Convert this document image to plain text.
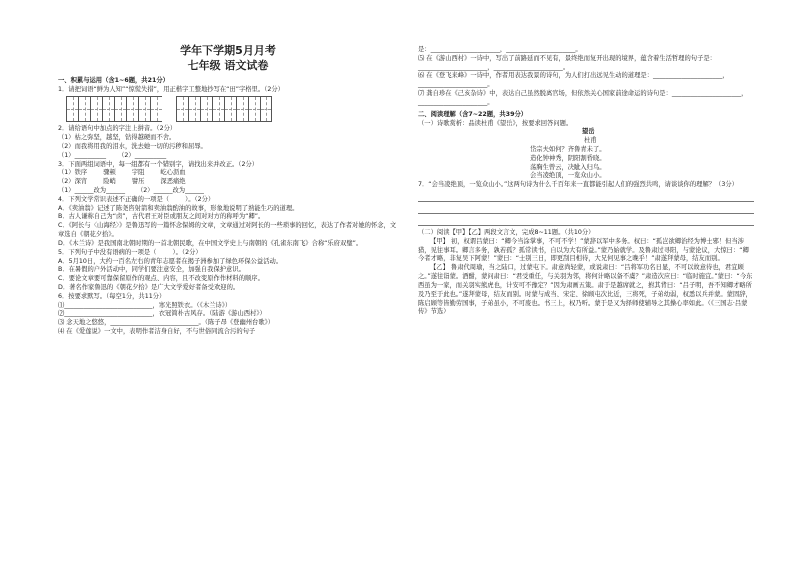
学年下学期5月月考
七年级 语文试卷
一、积累与运用（含1~6题，共21分）

1．请把词语“鲜为人知”“惊慌失措”，用正楷字工整地抄写在“田”字格里。（2分）

2．请给语句中加点的字注上拼音。（2分）

（1）枯之弥坚，越坚，钻得越硬而不舍。

（2）而我将用我的泪水，洗去她一切的污秽和屈辱。

（1）__________      （2）__________

3．下面两组词语中，每一组都有一个错别字，请找出来并改正。（2分）

（1）铁序        骤顿        宇阻        屹心沥血

（2）深宵        险峭        譬压        深恶痛绝

（1）______改为______      （2）______改为______

4．下列文学常识表述不正确的一项是（        ）。（2分）

A．《卖油翁》记述了陈尧咨射箭和卖油翁酌油的故事，形象地说明了熟能生巧的道理。

B．古人谦称自己为“卤”，古代君王对臣或朋友之间对对方的称呼为“卿”。

C．《阿长与〈山海经〉》是鲁迅写的一篇怀念保姆的文章，文章通过对阿长的一些琐事的回忆，表达了作者对她的怀念，文章选自《朝花夕拾》。

D．《木兰诗》是我国南北朝时期的一首北朝民歌，在中国文学史上与南朝的《孔雀东南飞》合称“乐府双璧”。

5．下列句子中没有语病的一项是（        ）。（2分）

A．5月10日，大约一百名左右的青年志愿者在揭子洲参加了绿色环保公益活动。

B．在暑假的户外活动中，同学们要注意安全，加强自我保护意识。

C．要论文章要可靠保留原作的观点、内容，且不改变原作作材料的顺序。

D．著名作家鲁迅的《朝花夕拾》是广大文学爱好者备受欢迎的。

6．按要求默写。（每空1分，共11分）

⑴____________________________，寒光照铁衣。（《木兰诗》）

⑵____________________________，衣冠简朴古风存。（陆游《游山西村》）

⑶ 念天地之悠悠，____________________________。（陈子昂《登幽州台歌》）

⑷ 在《爱莲说》一文中，表明作者洁身自好，不与世俗同流合污的句子

是：______________________，______________________。

⑸ 在《游山西村》一诗中，写出了前路延而不见有，景终绝而复开出现的境界，蕴含着生活哲理的句子是：______________________，______________________。

⑹ 在《登飞来峰》一诗中，作者用表达我景的诗句，为人们打出远见生动的道理是：______________________，______________________。

⑺ 龚自珍在《己亥杂诗》中，表达自己虽然脱离官场，但依然关心国家前途命运的诗句是：______________________，______________________。

二、阅读理解（含7~22题，共39分）

（一）诗歌赏析：品读杜甫《望岳》，按要求回答问题。

望岳
杜甫
岱宗夫如何？齐鲁青未了。
造化钟神秀，阴阳割昏晓。
荡胸生曾云，决眦入归鸟。
会当凌绝顶，一览众山小。

7．“会当凌绝顶，一览众山小。”这两句诗为什么千百年来一直都能引起人们的强烈共鸣，请谈谈你的理解？（3分）

（二）阅读【甲】【乙】两段文言文，完成8~11题。（共10分）

【甲】 初，权谓吕蒙曰：“卿今当涂掌事，不可不学！”蒙辞以军中多务。权曰：“孤岂欲卿治经为博士邪！但当涉猎，见往事耳。卿言多务，孰若孤？孤常读书，自以为大有所益。”蒙乃始就学。及鲁肃过寻阳，与蒙论议，大惊曰：“卿今者才略，非复吴下阿蒙！”蒙曰：“士别三日，即更刮目相待，大兄何见事之晚乎！”肃遂拜蒙母，结友而别。

【乙】 鲁肃代周瑜，当之陆口，过蒙屯下。肃意尚轻蒙，或说肃曰：“吕将军功名日显，不可以故意待也，君宜顾之。”遂往诣蒙。酒酣，蒙问肃曰：“君受重任，与关羽为邻，将何计略以备不虞？”肃造次应曰：“临时施宜。”蒙曰：“今东西虽为一家，而关羽实熊虎也，计安可不豫定？”因为肃画五策。肃于是越席就之，拊其背曰：“吕子明，吾不知卿才略所及乃至于此也。”遂拜蒙母，结友而别。时蒙与成当、宋定、徐顾屯次比近，三将死，子弟幼弱，权悉以兵并蒙。蒙固辞，陈启顾等皆勤劳国事，子弟虽小，不可废也。书三上，权乃听。蒙于是又为择师使辅导之其操心率如此。（《三国志·吕蒙传》节选）
